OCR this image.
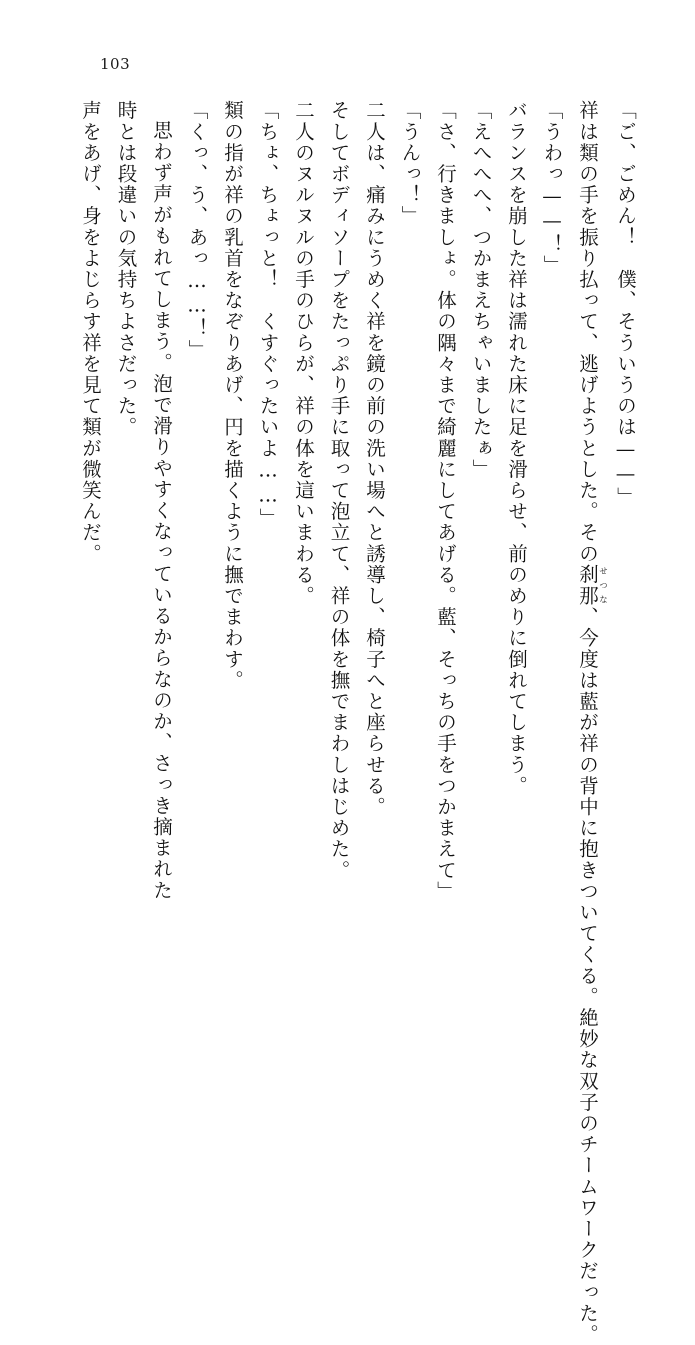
103
「ご、ごめん！　僕、そういうのは——」
祥は類の手を振り払って、逃げようとした。その刹那せつな、今度は藍が祥の背中に抱きついてくる。絶妙な双子のチームワークだった。
「うわっ——！」
バランスを崩した祥は濡れた床に足を滑らせ、前のめりに倒れてしまう。
「えへへへ、つかまえちゃいましたぁ」
「さ、行きましょ。体の隅々まで綺麗にしてあげる。藍、そっちの手をつかまえて」
「うんっ！」
二人は、痛みにうめく祥を鏡の前の洗い場へと誘導し、椅子へと座らせる。
そしてボディソープをたっぷり手に取って泡立て、祥の体を撫でまわしはじめた。
二人のヌルヌルの手のひらが、祥の体を這いまわる。
「ちょ、ちょっと！　くすぐったいよ……」
類の指が祥の乳首をなぞりあげ、円を描くように撫でまわす。
「くっ、う、あっ……！」
思わず声がもれてしまう。泡で滑りやすくなっているからなのか、さっき摘まれた
時とは段違いの気持ちよさだった。
声をあげ、身をよじらす祥を見て類が微笑んだ。
